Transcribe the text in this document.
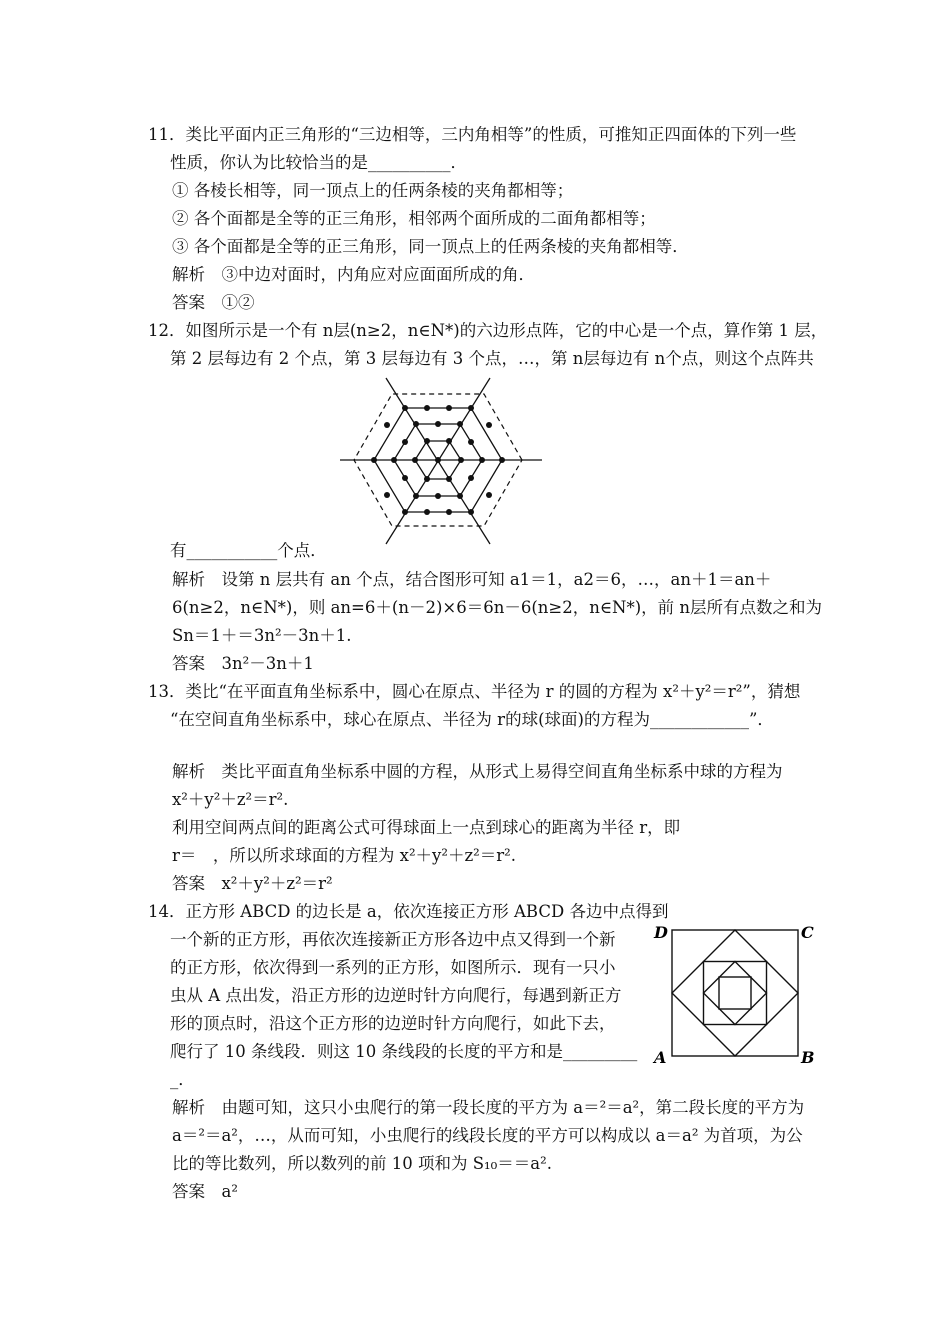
11．类比平面内正三角形的“三边相等，三内角相等”的性质，可推知正四面体的下列一些
性质，你认为比较恰当的是__________．
① 各棱长相等，同一顶点上的任两条棱的夹角都相等；
② 各个面都是全等的正三角形，相邻两个面所成的二面角都相等；
③ 各个面都是全等的正三角形，同一顶点上的任两条棱的夹角都相等．
解析　③中边对面时，内角应对应面面所成的角．
答案　①②
12．如图所示是一个有 n层(n≥2，n∈N*)的六边形点阵，它的中心是一个点，算作第 1 层，
第 2 层每边有 2 个点，第 3 层每边有 3 个点，…，第 n层每边有 n个点，则这个点阵共
有___________个点．
解析　设第 n 层共有 an 个点，结合图形可知 a1＝1，a2＝6，…，an＋1＝an＋
6(n≥2，n∈N*)，则 an=6＋(n－2)×6＝6n－6(n≥2，n∈N*)，前 n层所有点数之和为
Sn＝1＋＝3n²－3n＋1.
答案　3n²－3n＋1
13．类比“在平面直角坐标系中，圆心在原点、半径为 r 的圆的方程为 x²＋y²＝r²”，猜想
“在空间直角坐标系中，球心在原点、半径为 r的球(球面)的方程为____________”．
解析　类比平面直角坐标系中圆的方程，从形式上易得空间直角坐标系中球的方程为
x²＋y²＋z²＝r².
利用空间两点间的距离公式可得球面上一点到球心的距离为半径 r，即
r＝　，所以所求球面的方程为 x²＋y²＋z²＝r².
答案　x²＋y²＋z²＝r²
14．正方形 ABCD 的边长是 a，依次连接正方形 ABCD 各边中点得到
一个新的正方形，再依次连接新正方形各边中点又得到一个新
的正方形，依次得到一系列的正方形，如图所示．现有一只小
虫从 A 点出发，沿正方形的边逆时针方向爬行，每遇到新正方
形的顶点时，沿这个正方形的边逆时针方向爬行，如此下去，
爬行了 10 条线段．则这 10 条线段的长度的平方和是_________
_．
D	C
A	B
解析　由题可知，这只小虫爬行的第一段长度的平方为 a＝²＝a²，第二段长度的平方为
a＝²＝a²，…，从而可知，小虫爬行的线段长度的平方可以构成以 a＝a² 为首项，为公
比的等比数列，所以数列的前 10 项和为 S₁₀＝＝a².
答案　a²
